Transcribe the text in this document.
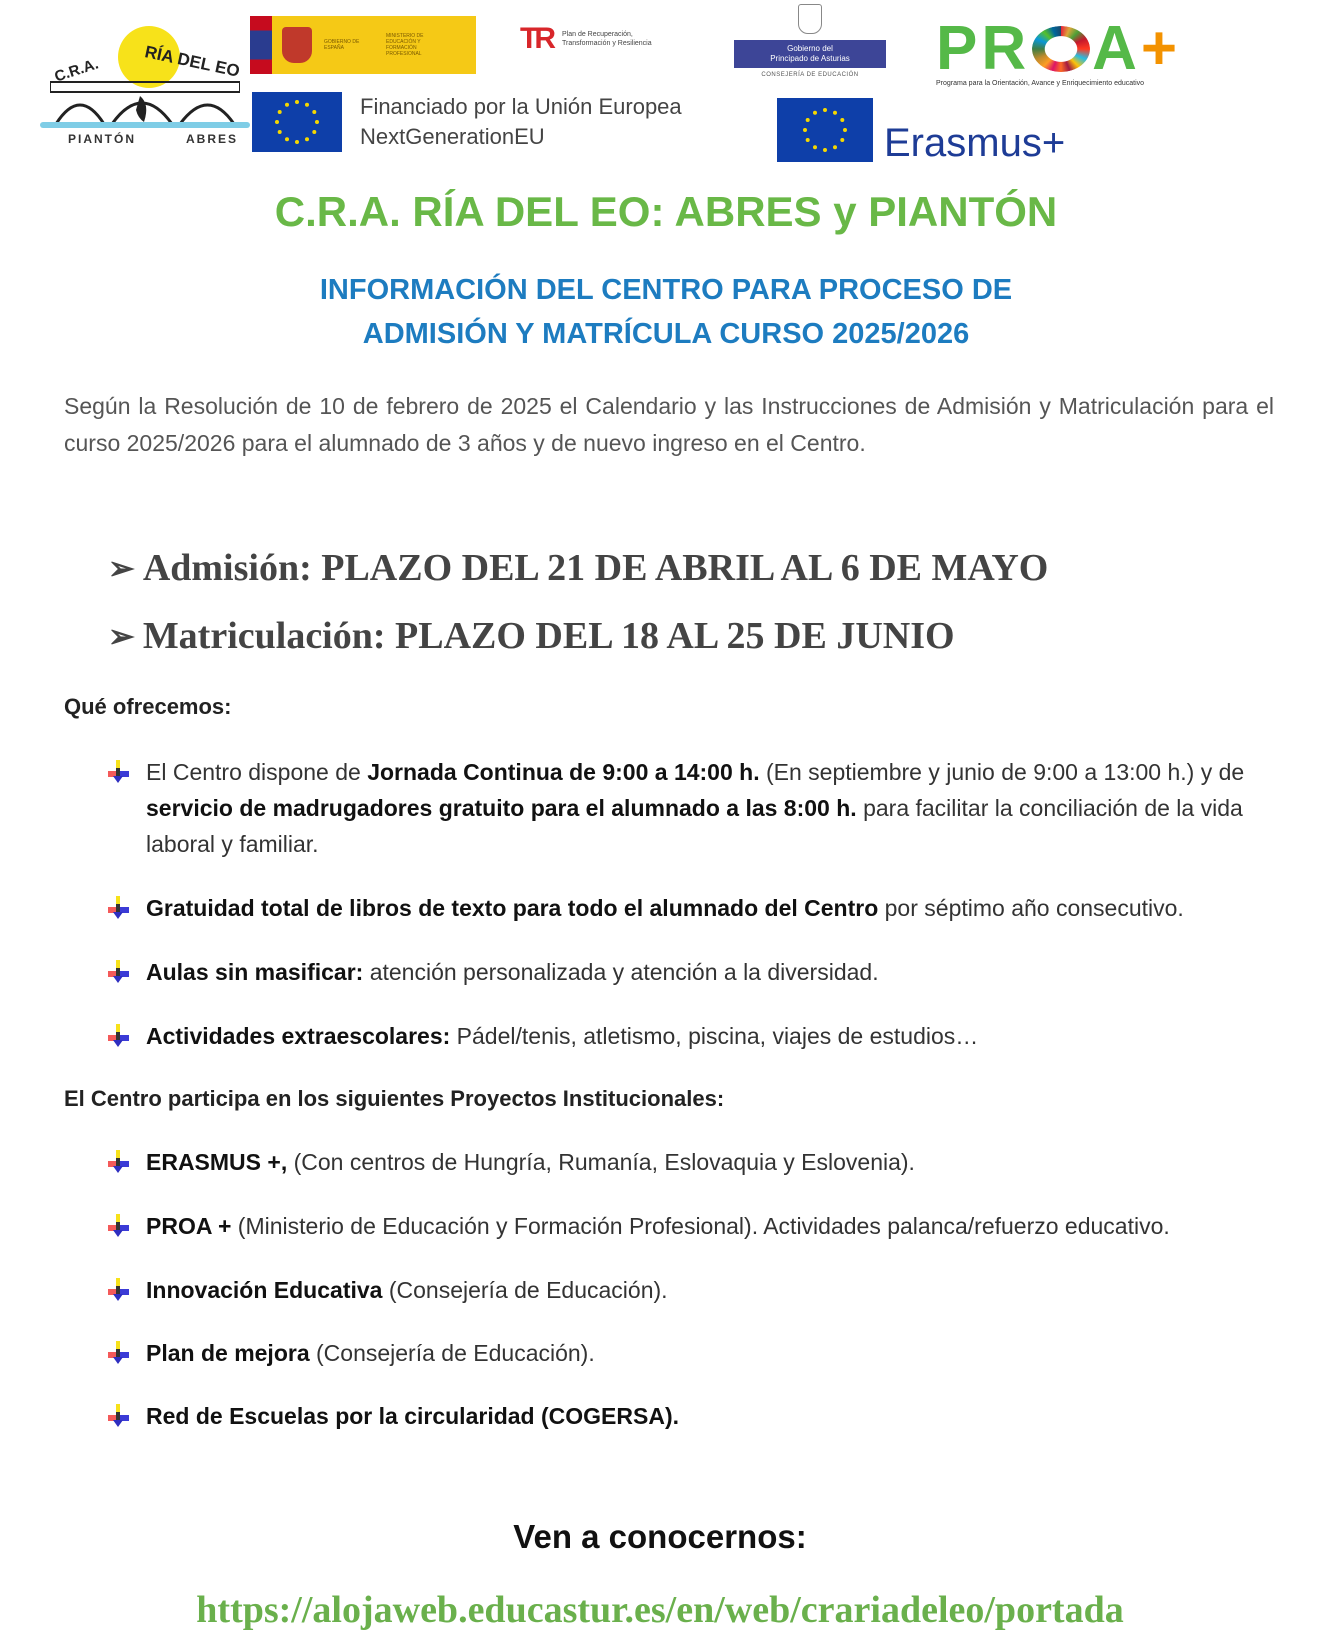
C.R.A.	RÍA DEL EO
PIANTÓN	ABRES
GOBIERNO DE ESPAÑA
MINISTERIO DE EDUCACIÓN Y FORMACIÓN PROFESIONAL	TR Plan de Recuperación,
Transformación y Resiliencia
Gobierno del
Principado de Asturias
CONSEJERÍA DE EDUCACIÓN	PR A +
Programa para la Orientación, Avance y Enriquecimiento educativo
Financiado por la Unión Europea
NextGenerationEU	Erasmus+
C.R.A. RÍA DEL EO: ABRES y PIANTÓN
INFORMACIÓN DEL CENTRO PARA PROCESO DE
ADMISIÓN Y MATRÍCULA CURSO 2025/2026
Según la Resolución de 10 de febrero de 2025 el Calendario y las Instrucciones de Admisión y Matriculación para el curso 2025/2026 para el alumnado de 3 años y de nuevo ingreso en el Centro.
➢ Admisión: PLAZO DEL 21 DE ABRIL AL 6 DE MAYO
➢ Matriculación: PLAZO DEL 18 AL 25 DE JUNIO
Qué ofrecemos:
El Centro dispone de Jornada Continua de 9:00 a 14:00 h. (En septiembre y junio de 9:00 a 13:00 h.) y de servicio de madrugadores gratuito para el alumnado a las 8:00 h. para facilitar la conciliación de la vida laboral y familiar.
Gratuidad total de libros de texto para todo el alumnado del Centro por séptimo año consecutivo.
Aulas sin masificar: atención personalizada y atención a la diversidad.
Actividades extraescolares: Pádel/tenis, atletismo, piscina, viajes de estudios…
El Centro participa en los siguientes Proyectos Institucionales:
ERASMUS +, (Con centros de Hungría, Rumanía, Eslovaquia y Eslovenia).
PROA + (Ministerio de Educación y Formación Profesional). Actividades palanca/refuerzo educativo.
Innovación Educativa (Consejería de Educación).
Plan de mejora (Consejería de Educación).
Red de Escuelas por la circularidad (COGERSA).
Ven a conocernos:
https://alojaweb.educastur.es/en/web/crariadeleo/portada
